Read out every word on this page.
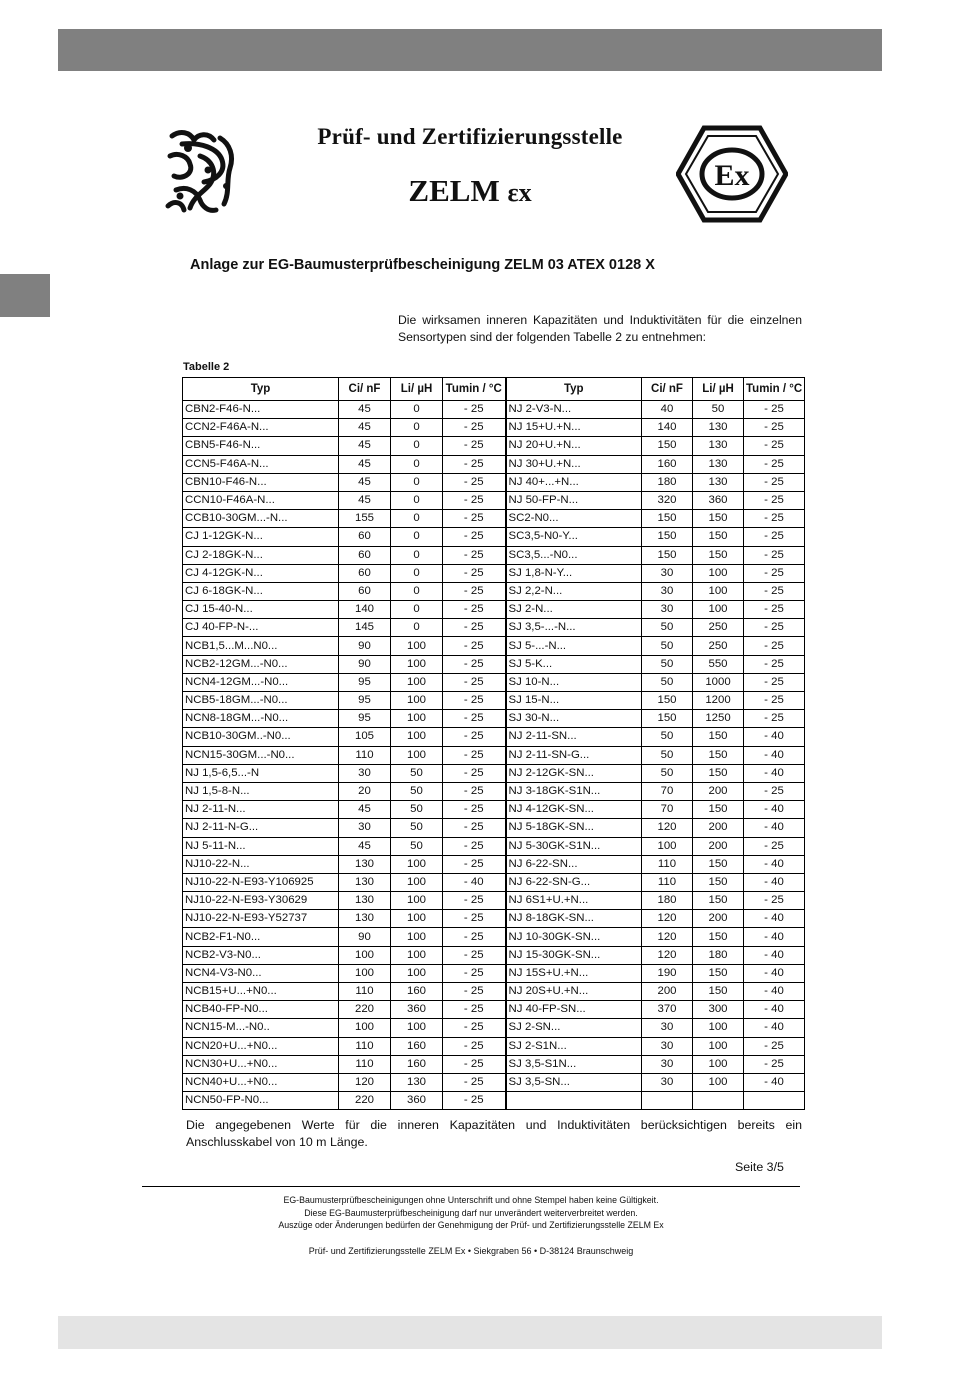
Prüf- und Zertifizierungsstelle
ZELM εx
Ex
Anlage zur EG-Baumusterprüfbescheinigung ZELM 03 ATEX 0128 X
Die wirksamen inneren Kapazitäten und Induktivitäten für die einzelnen Sensortypen sind der folgenden Tabelle 2 zu entnehmen:
Tabelle 2
Typ	Ci/ nF	Li/ µH	Tumin / °C	Typ	Ci/ nF	Li/ µH	Tumin / °C
CBN2-F46-N...	45	0	- 25	NJ 2-V3-N...	40	50	- 25
CCN2-F46A-N...	45	0	- 25	NJ 15+U.+N...	140	130	- 25
CBN5-F46-N...	45	0	- 25	NJ 20+U.+N...	150	130	- 25
CCN5-F46A-N...	45	0	- 25	NJ 30+U.+N...	160	130	- 25
CBN10-F46-N...	45	0	- 25	NJ 40+...+N...	180	130	- 25
CCN10-F46A-N...	45	0	- 25	NJ 50-FP-N...	320	360	- 25
CCB10-30GM...-N...	155	0	- 25	SC2-N0...	150	150	- 25
CJ 1-12GK-N...	60	0	- 25	SC3,5-N0-Y...	150	150	- 25
CJ 2-18GK-N...	60	0	- 25	SC3,5...-N0...	150	150	- 25
CJ 4-12GK-N...	60	0	- 25	SJ 1,8-N-Y...	30	100	- 25
CJ 6-18GK-N...	60	0	- 25	SJ 2,2-N...	30	100	- 25
CJ 15-40-N...	140	0	- 25	SJ 2-N...	30	100	- 25
CJ 40-FP-N-...	145	0	- 25	SJ 3,5-...-N...	50	250	- 25
NCB1,5...M...N0...	90	100	- 25	SJ 5-...-N...	50	250	- 25
NCB2-12GM...-N0...	90	100	- 25	SJ 5-K...	50	550	- 25
NCN4-12GM...-N0...	95	100	- 25	SJ 10-N...	50	1000	- 25
NCB5-18GM...-N0...	95	100	- 25	SJ 15-N...	150	1200	- 25
NCN8-18GM...-N0...	95	100	- 25	SJ 30-N...	150	1250	- 25
NCB10-30GM..-N0...	105	100	- 25	NJ 2-11-SN...	50	150	- 40
NCN15-30GM...-N0...	110	100	- 25	NJ 2-11-SN-G...	50	150	- 40
NJ 1,5-6,5...-N	30	50	- 25	NJ 2-12GK-SN...	50	150	- 40
NJ 1,5-8-N...	20	50	- 25	NJ 3-18GK-S1N...	70	200	- 25
NJ 2-11-N...	45	50	- 25	NJ 4-12GK-SN...	70	150	- 40
NJ 2-11-N-G...	30	50	- 25	NJ 5-18GK-SN...	120	200	- 40
NJ 5-11-N...	45	50	- 25	NJ 5-30GK-S1N...	100	200	- 25
NJ10-22-N...	130	100	- 25	NJ 6-22-SN...	110	150	- 40
NJ10-22-N-E93-Y106925	130	100	- 40	NJ 6-22-SN-G...	110	150	- 40
NJ10-22-N-E93-Y30629	130	100	- 25	NJ 6S1+U.+N...	180	150	- 25
NJ10-22-N-E93-Y52737	130	100	- 25	NJ 8-18GK-SN...	120	200	- 40
NCB2-F1-N0...	90	100	- 25	NJ 10-30GK-SN...	120	150	- 40
NCB2-V3-N0...	100	100	- 25	NJ 15-30GK-SN...	120	180	- 40
NCN4-V3-N0...	100	100	- 25	NJ 15S+U.+N...	190	150	- 40
NCB15+U...+N0...	110	160	- 25	NJ 20S+U.+N...	200	150	- 40
NCB40-FP-N0...	220	360	- 25	NJ 40-FP-SN...	370	300	- 40
NCN15-M...-N0..	100	100	- 25	SJ 2-SN...	30	100	- 40
NCN20+U...+N0...	110	160	- 25	SJ 2-S1N...	30	100	- 25
NCN30+U...+N0...	110	160	- 25	SJ 3,5-S1N...	30	100	- 25
NCN40+U...+N0...	120	130	- 25	SJ 3,5-SN...	30	100	- 40
NCN50-FP-N0...	220	360	- 25				
Die angegebenen Werte für die inneren Kapazitäten und Induktivitäten berücksichtigen bereits ein Anschlusskabel von 10 m Länge.
Seite 3/5
EG-Baumusterprüfbescheinigungen ohne Unterschrift und ohne Stempel haben keine Gültigkeit.
Diese EG-Baumusterprüfbescheinigung darf nur unverändert weiterverbreitet werden.
Auszüge oder Änderungen bedürfen der Genehmigung der Prüf- und Zertifizierungsstelle ZELM Ex
Prüf- und Zertifizierungsstelle ZELM Ex • Siekgraben 56 • D-38124 Braunschweig
